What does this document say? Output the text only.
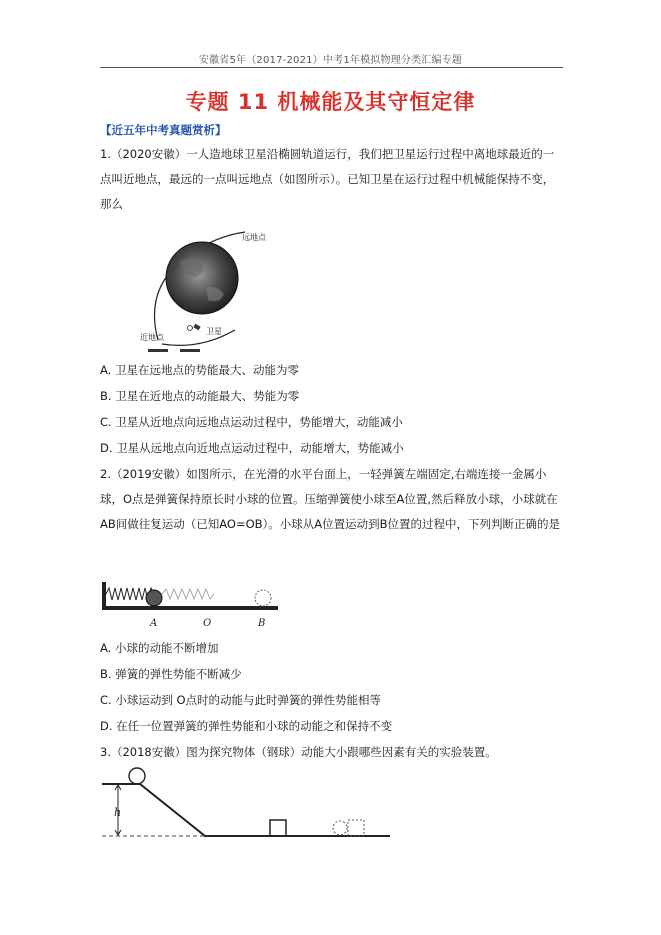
安徽省5年（2017-2021）中考1年模拟物理分类汇编专题
专题 11 机械能及其守恒定律
【近五年中考真题赏析】
1.（2020安徽）一人造地球卫星沿椭圆轨道运行，我们把卫星运行过程中离地球最近的一点叫近地点，最远的一点叫远地点（如图所示）。已知卫星在运行过程中机械能保持不变，那么
远地点
近地点
卫星
A. 卫星在远地点的势能最大、动能为零
B. 卫星在近地点的动能最大、势能为零
C. 卫星从近地点向远地点运动过程中，势能增大，动能减小
D. 卫星从远地点向近地点运动过程中，动能增大，势能减小
2.（2019安徽）如图所示，在光滑的水平台面上，一轻弹簧左端固定,右端连接一金属小球，O点是弹簧保持原长时小球的位置。压缩弹簧使小球至A位置,然后释放小球，小球就在AB间做往复运动（已知AO=OB）。小球从A位置运动到B位置的过程中，下列判断正确的是
A	O	B
A. 小球的动能不断增加
B. 弹簧的弹性势能不断减少
C. 小球运动到 O点时的动能与此时弹簧的弹性势能相等
D. 在任一位置弹簧的弹性势能和小球的动能之和保持不变
3.（2018安徽）图为探究物体（钢球）动能大小跟哪些因素有关的实验装置。
h
